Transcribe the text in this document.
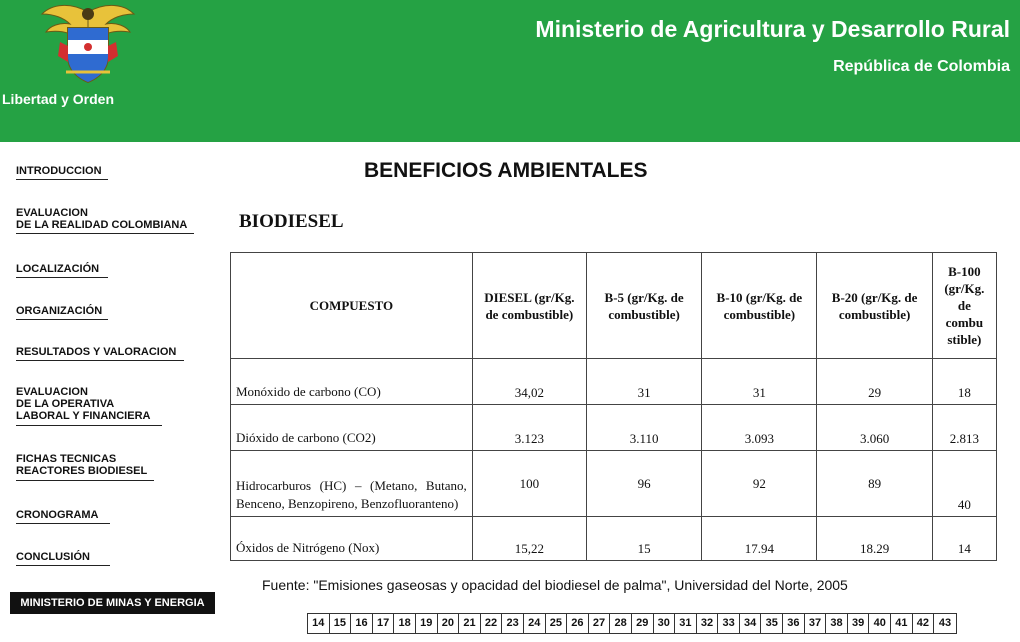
Libertad y Orden
Ministerio de Agricultura y Desarrollo Rural
República de Colombia
INTRODUCCION
EVALUACION
DE LA REALIDAD COLOMBIANA
LOCALIZACIÓN
ORGANIZACIÓN
RESULTADOS Y VALORACION
EVALUACION
DE LA OPERATIVA
LABORAL Y FINANCIERA
FICHAS TECNICAS
REACTORES BIODIESEL
CRONOGRAMA
CONCLUSIÓN
MINISTERIO DE MINAS Y ENERGIA
BENEFICIOS AMBIENTALES
BIODIESEL
COMPUESTO	DIESEL (gr/Kg. de combustible)	B-5 (gr/Kg. de combustible)	B-10 (gr/Kg. de combustible)	B-20 (gr/Kg. de combustible)	B-100 (gr/Kg. de combu stible)
Monóxido de carbono (CO)	34,02	31	31	29	18
Dióxido de carbono (CO2)	3.123	3.110	3.093	3.060	2.813
Hidrocarburos (HC) – (Metano, Butano, Benceno, Benzopireno, Benzofluoranteno)	100	96	92	89	40
Óxidos de Nitrógeno (Nox)	15,22	15	17.94	18.29	14
Fuente: "Emisiones gaseosas y opacidad del biodiesel de palma", Universidad del Norte, 2005
14 15 16 17 18 19 20 21 22 23 24 25 26 27 28 29 30 31 32 33 34 35 36 37 38 39 40 41 42 43
